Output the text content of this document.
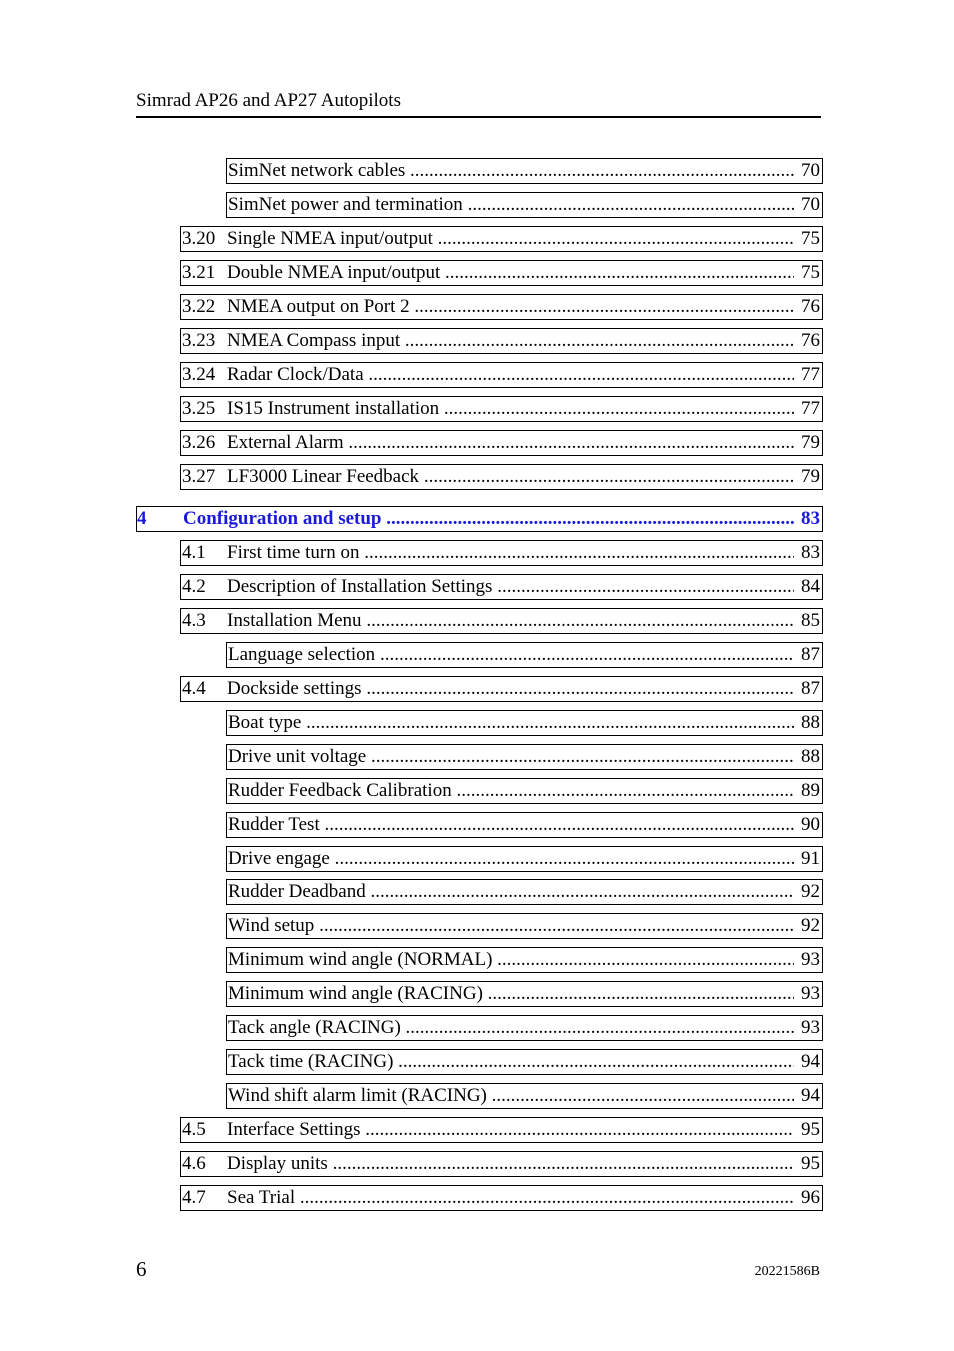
Simrad AP26 and AP27 Autopilots
SimNet network cables .....	70
SimNet power and termination .....	70
3.20 Single NMEA input/output .....	75
3.21 Double NMEA input/output .....	75
3.22 NMEA output on Port 2 .....	76
3.23 NMEA Compass input .....	76
3.24 Radar Clock/Data .....	77
3.25 IS15 Instrument installation .....	77
3.26 External Alarm .....	79
3.27 LF3000 Linear Feedback .....	79
4 Configuration and setup .....	83
4.1 First time turn on .....	83
4.2 Description of Installation Settings .....	84
4.3 Installation Menu .....	85
Language selection .....	87
4.4 Dockside settings .....	87
Boat type .....	88
Drive unit voltage .....	88
Rudder Feedback Calibration .....	89
Rudder Test .....	90
Drive engage .....	91
Rudder Deadband .....	92
Wind setup .....	92
Minimum wind angle (NORMAL) .....	93
Minimum wind angle (RACING) .....	93
Tack angle (RACING) .....	93
Tack time (RACING) .....	94
Wind shift alarm limit (RACING) .....	94
4.5 Interface Settings .....	95
4.6 Display units .....	95
4.7 Sea Trial .....	96
6	20221586B
